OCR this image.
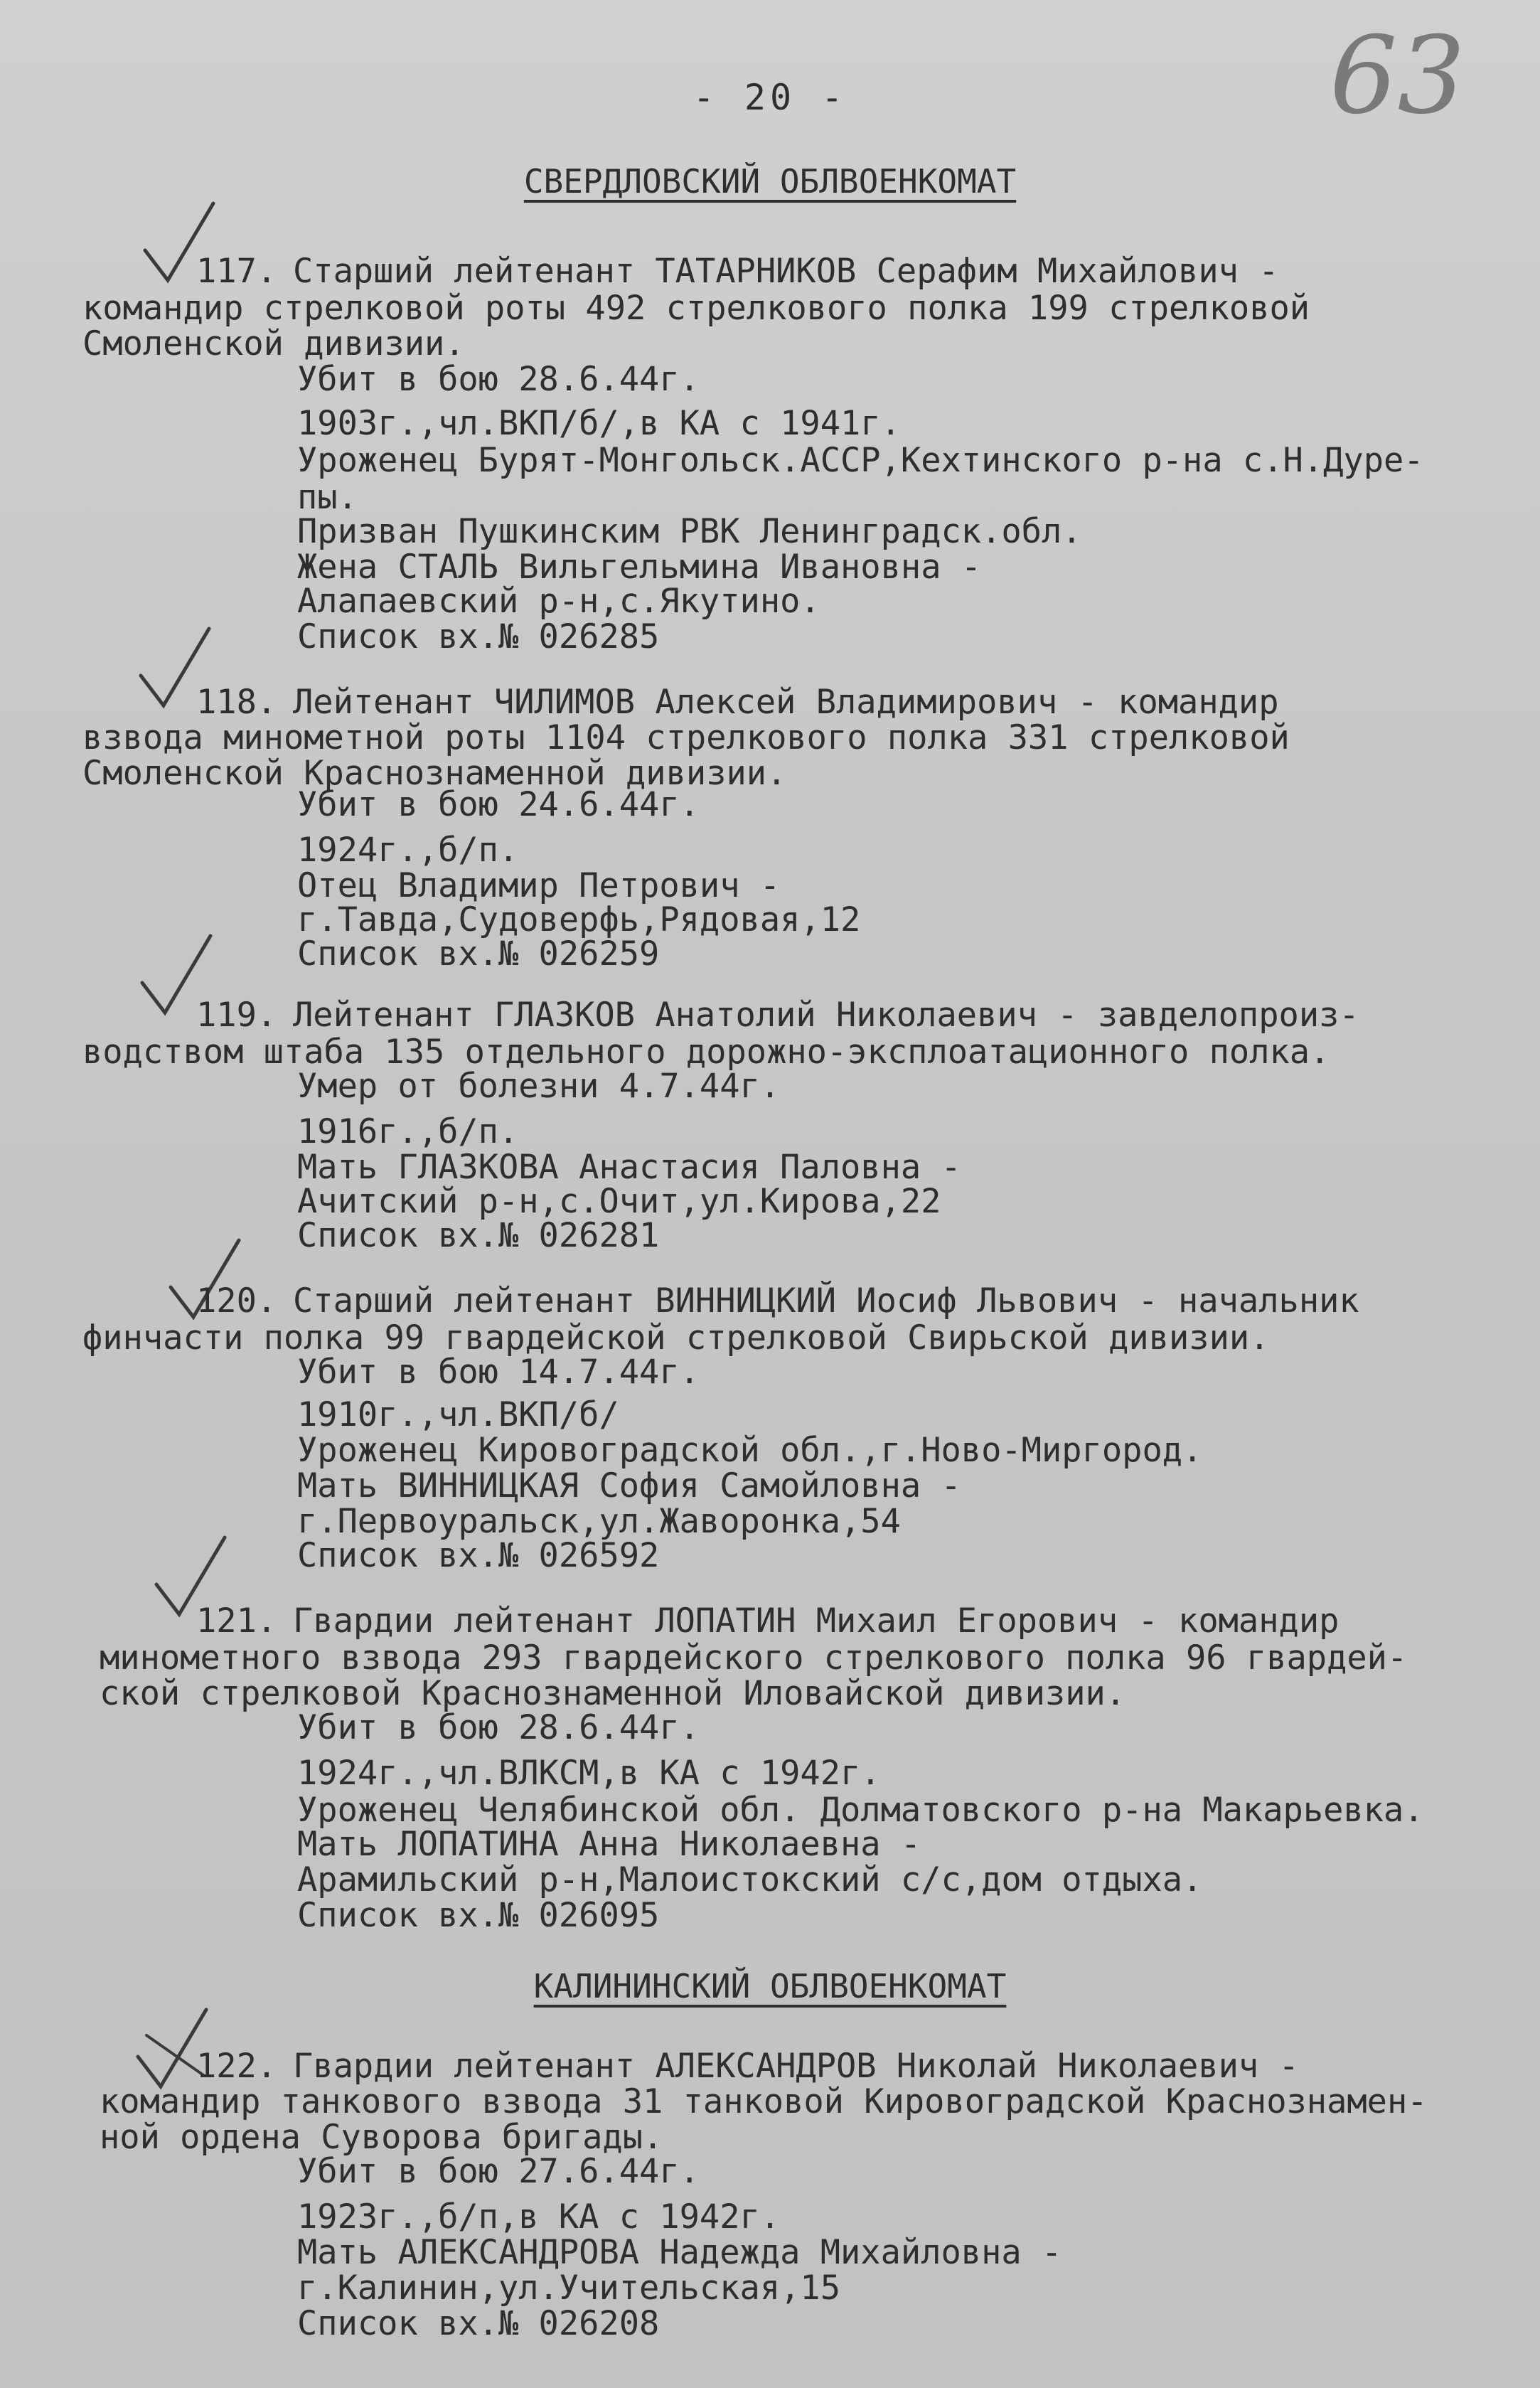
63
- 20 -
СВЕРДЛОВСКИЙ ОБЛВОЕНКОМАТ
117. Старший лейтенант ТАТАРНИКОВ Серафим Михайлович -
командир стрелковой роты 492 стрелкового полка 199 стрелковой
Смоленской дивизии.
Убит в бою 28.6.44г.
1903г.,чл.ВКП/б/,в КА с 1941г.
Уроженец Бурят-Монгольск.АССР,Кехтинского р-на с.Н.Дуре-
пы.
Призван Пушкинским РВК Ленинградск.обл.
Жена СТАЛЬ Вильгельмина Ивановна -
Алапаевский р-н,с.Якутино.
Список вх.№ 026285
118. Лейтенант ЧИЛИМОВ Алексей Владимирович - командир
взвода минометной роты 1104 стрелкового полка 331 стрелковой
Смоленской Краснознаменной дивизии.
Убит в бою 24.6.44г.
1924г.,б/п.
Отец Владимир Петрович -
г.Тавда,Судоверфь,Рядовая,12
Список вх.№ 026259
119. Лейтенант ГЛАЗКОВ Анатолий Николаевич - завделопроиз-
водством штаба 135 отдельного дорожно-эксплоатационного полка.
Умер от болезни 4.7.44г.
1916г.,б/п.
Мать ГЛАЗКОВА Анастасия Паловна -
Ачитский р-н,с.Очит,ул.Кирова,22
Список вх.№ 026281
120. Старший лейтенант ВИННИЦКИЙ Иосиф Львович - начальник
финчасти полка 99 гвардейской стрелковой Свирьской дивизии.
Убит в бою 14.7.44г.
1910г.,чл.ВКП/б/
Уроженец Кировоградской обл.,г.Ново-Миргород.
Мать ВИННИЦКАЯ София Самойловна -
г.Первоуральск,ул.Жаворонка,54
Список вх.№ 026592
121. Гвардии лейтенант ЛОПАТИН Михаил Егорович - командир
минометного взвода 293 гвардейского стрелкового полка 96 гвардей-
ской стрелковой Краснознаменной Иловайской дивизии.
Убит в бою 28.6.44г.
1924г.,чл.ВЛКСМ,в КА с 1942г.
Уроженец Челябинской обл. Долматовского р-на Макарьевка.
Мать ЛОПАТИНА Анна Николаевна -
Арамильский р-н,Малоистокский с/с,дом отдыха.
Список вх.№ 026095
КАЛИНИНСКИЙ ОБЛВОЕНКОМАТ
122. Гвардии лейтенант АЛЕКСАНДРОВ Николай Николаевич -
командир танкового взвода 31 танковой Кировоградской Краснознамен-
ной ордена Суворова бригады.
Убит в бою 27.6.44г.
1923г.,б/п,в КА с 1942г.
Мать АЛЕКСАНДРОВА Надежда Михайловна -
г.Калинин,ул.Учительская,15
Список вх.№ 026208
